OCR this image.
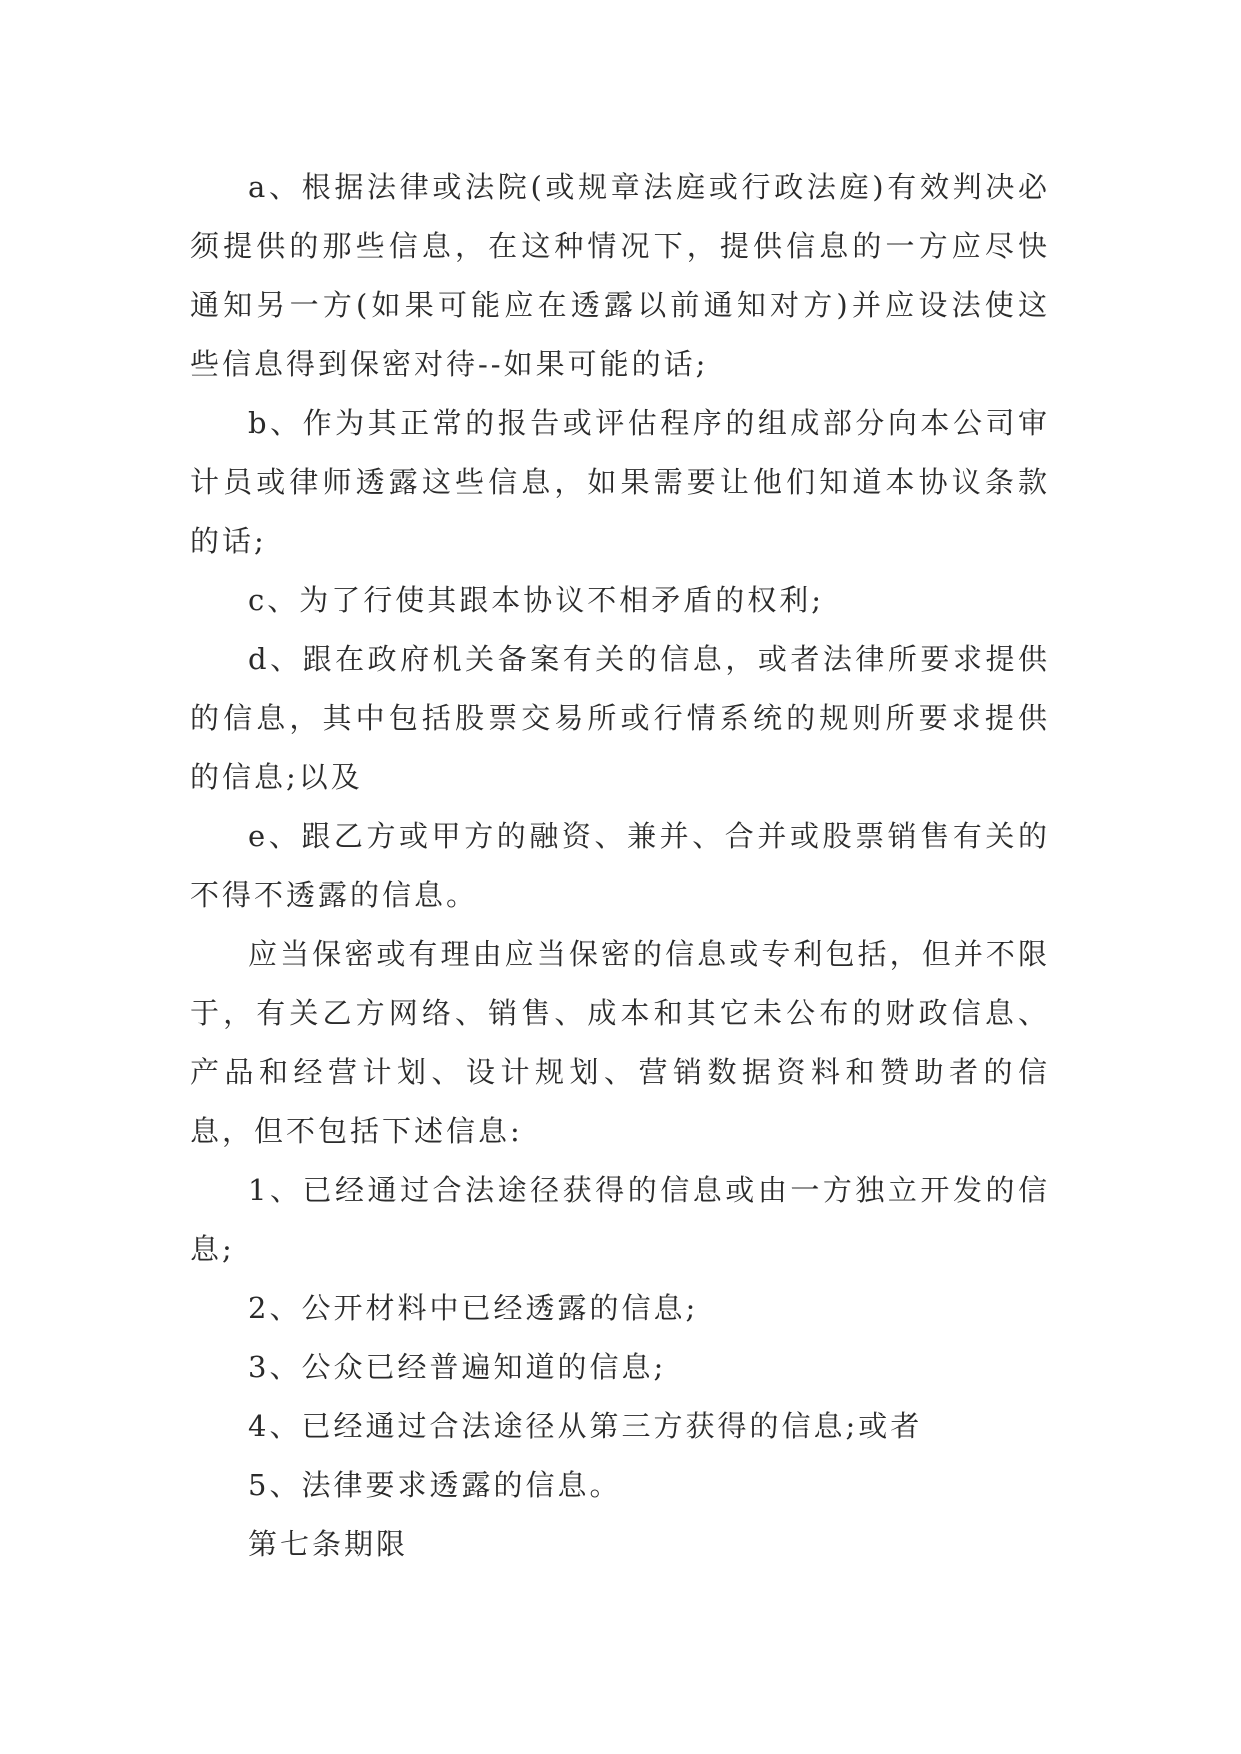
a、根据法律或法院(或规章法庭或行政法庭)有效判决必须提供的那些信息，在这种情况下，提供信息的一方应尽快通知另一方(如果可能应在透露以前通知对方)并应设法使这些信息得到保密对待--如果可能的话;

b、作为其正常的报告或评估程序的组成部分向本公司审计员或律师透露这些信息，如果需要让他们知道本协议条款的话;

c、为了行使其跟本协议不相矛盾的权利;

d、跟在政府机关备案有关的信息，或者法律所要求提供的信息，其中包括股票交易所或行情系统的规则所要求提供的信息;以及

e、跟乙方或甲方的融资、兼并、合并或股票销售有关的不得不透露的信息。

应当保密或有理由应当保密的信息或专利包括，但并不限于，有关乙方网络、销售、成本和其它未公布的财政信息、产品和经营计划、设计规划、营销数据资料和赞助者的信息，但不包括下述信息:

1、已经通过合法途径获得的信息或由一方独立开发的信息;

2、公开材料中已经透露的信息;

3、公众已经普遍知道的信息;

4、已经通过合法途径从第三方获得的信息;或者

5、法律要求透露的信息。

第七条期限
